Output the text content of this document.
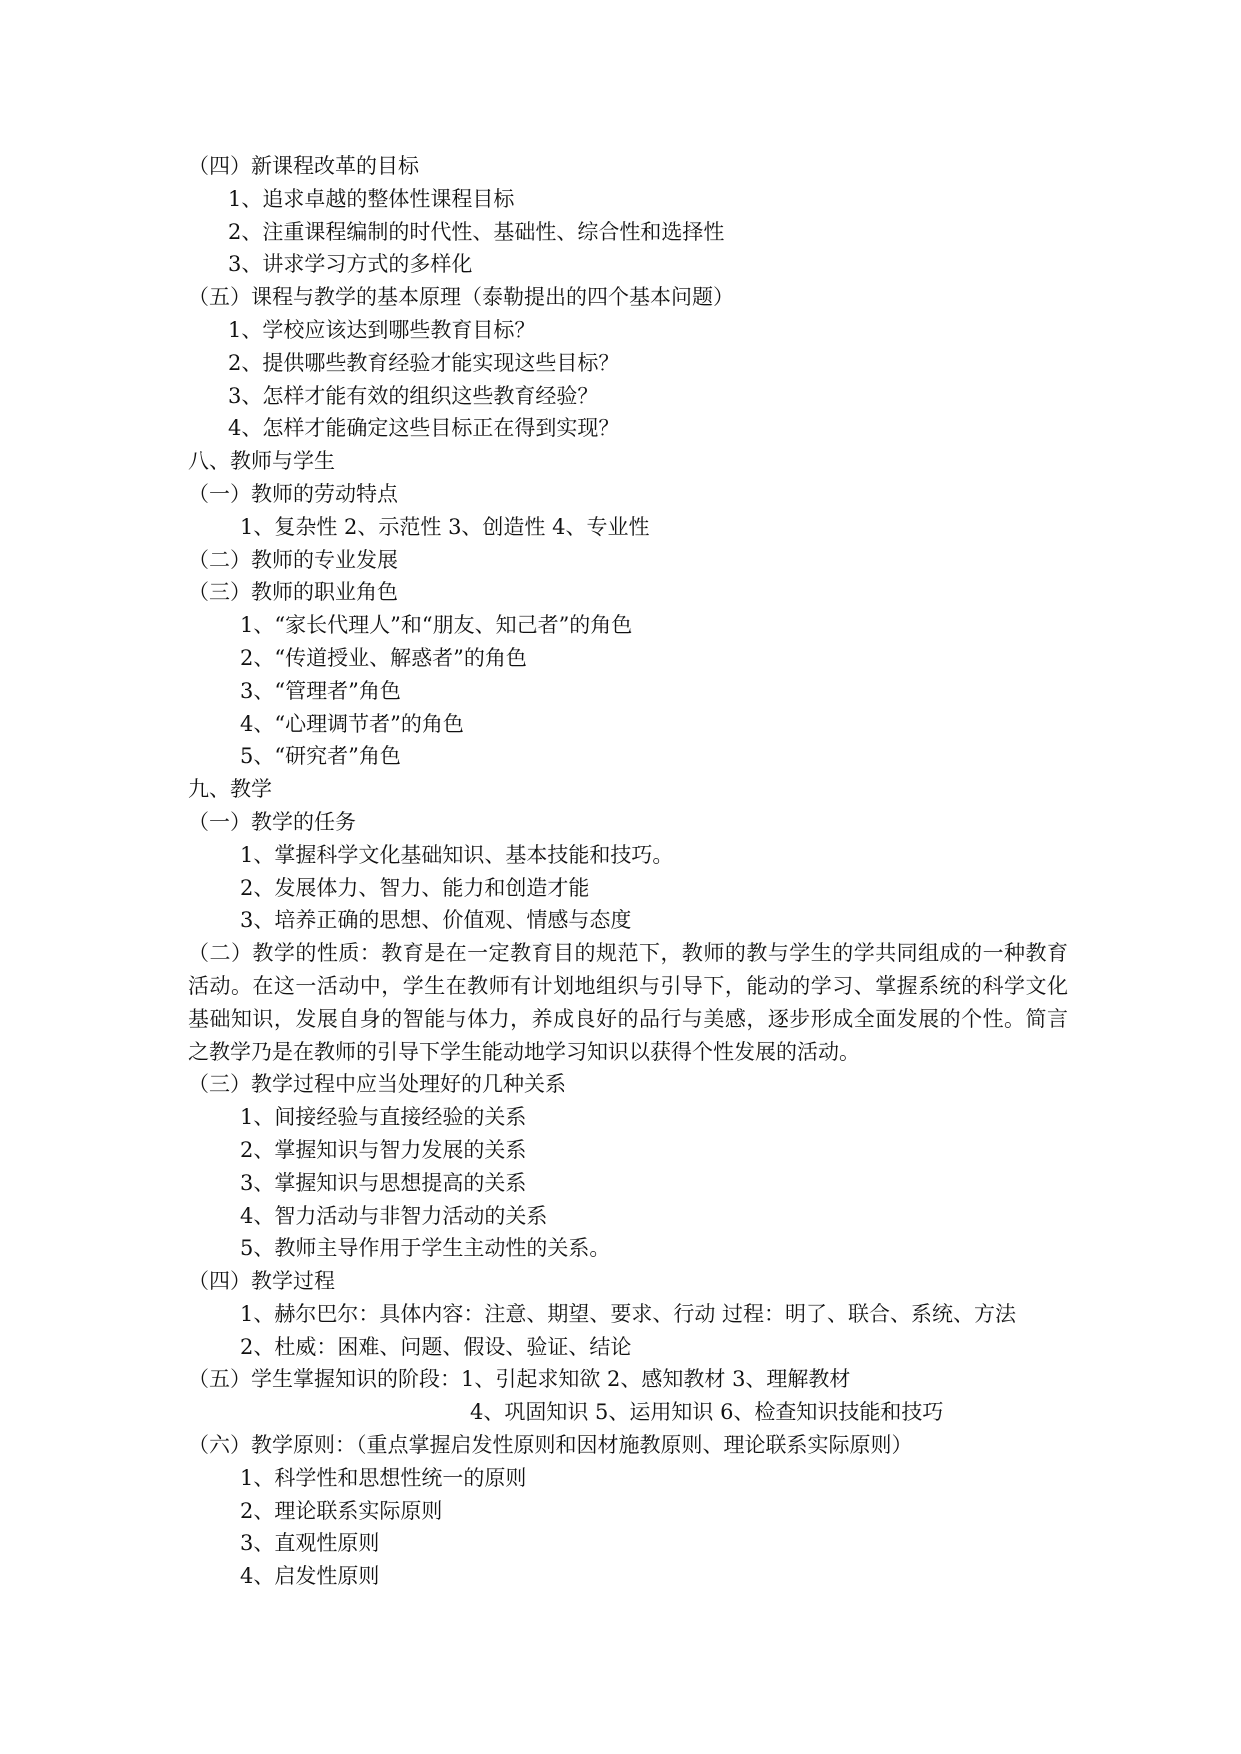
（四）新课程改革的目标
1、追求卓越的整体性课程目标
2、注重课程编制的时代性、基础性、综合性和选择性
3、讲求学习方式的多样化
（五）课程与教学的基本原理（泰勒提出的四个基本问题）
1、学校应该达到哪些教育目标？
2、提供哪些教育经验才能实现这些目标？
3、怎样才能有效的组织这些教育经验？
4、怎样才能确定这些目标正在得到实现？
八、教师与学生
（一）教师的劳动特点
1、复杂性 2、示范性 3、创造性 4、专业性
（二）教师的专业发展
（三）教师的职业角色
1、“家长代理人”和“朋友、知己者”的角色
2、“传道授业、解惑者”的角色
3、“管理者”角色
4、“心理调节者”的角色
5、“研究者”角色
九、教学
（一）教学的任务
1、掌握科学文化基础知识、基本技能和技巧。
2、发展体力、智力、能力和创造才能
3、培养正确的思想、价值观、情感与态度
（二）教学的性质：教育是在一定教育目的规范下，教师的教与学生的学共同组成的一种教育活动。在这一活动中，学生在教师有计划地组织与引导下，能动的学习、掌握系统的科学文化基础知识，发展自身的智能与体力，养成良好的品行与美感，逐步形成全面发展的个性。简言之教学乃是在教师的引导下学生能动地学习知识以获得个性发展的活动。
（三）教学过程中应当处理好的几种关系
1、间接经验与直接经验的关系
2、掌握知识与智力发展的关系
3、掌握知识与思想提高的关系
4、智力活动与非智力活动的关系
5、教师主导作用于学生主动性的关系。
（四）教学过程
1、赫尔巴尔：具体内容：注意、期望、要求、行动 过程：明了、联合、系统、方法
2、杜威：困难、问题、假设、验证、结论
（五）学生掌握知识的阶段：1、引起求知欲 2、感知教材 3、理解教材
4、巩固知识 5、运用知识 6、检查知识技能和技巧
（六）教学原则：（重点掌握启发性原则和因材施教原则、理论联系实际原则）
1、科学性和思想性统一的原则
2、理论联系实际原则
3、直观性原则
4、启发性原则
